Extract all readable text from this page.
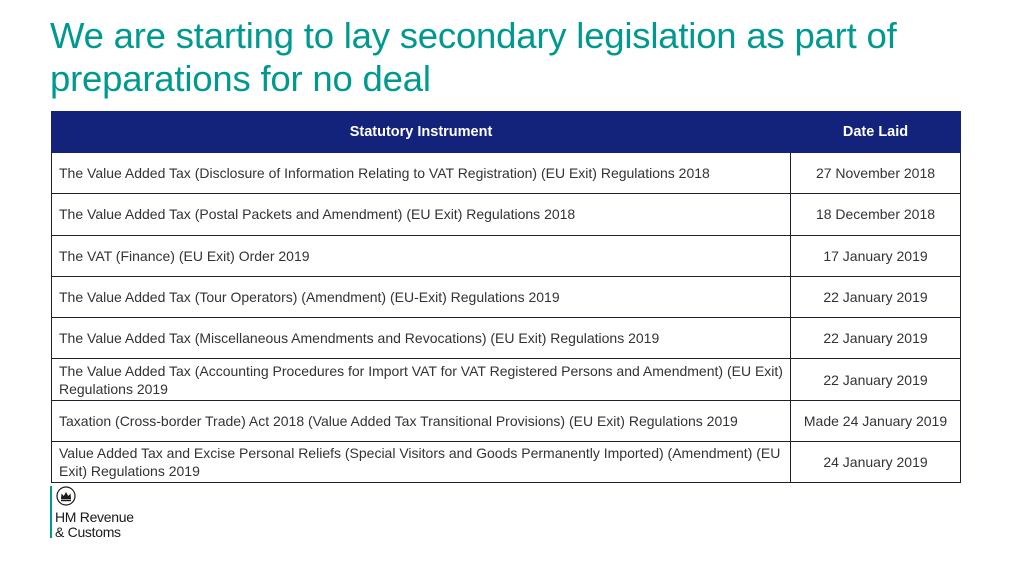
We are starting to lay secondary legislation as part of preparations for no deal
Statutory Instrument	Date Laid
The Value Added Tax (Disclosure of Information Relating to VAT Registration) (EU Exit) Regulations 2018	27 November 2018
The Value Added Tax (Postal Packets and Amendment) (EU Exit) Regulations 2018	18 December 2018
The VAT (Finance) (EU Exit) Order 2019	17 January 2019
The Value Added Tax (Tour Operators) (Amendment) (EU-Exit) Regulations 2019	22 January 2019
The Value Added Tax (Miscellaneous Amendments and Revocations) (EU Exit) Regulations 2019	22 January 2019
The Value Added Tax (Accounting Procedures for Import VAT for VAT Registered Persons and Amendment) (EU Exit) Regulations 2019	22 January 2019
Taxation (Cross-border Trade) Act 2018 (Value Added Tax Transitional Provisions) (EU Exit) Regulations 2019	Made 24 January 2019
Value Added Tax and Excise Personal Reliefs (Special Visitors and Goods Permanently Imported) (Amendment) (EU Exit) Regulations 2019	24 January 2019
HM Revenue
& Customs
